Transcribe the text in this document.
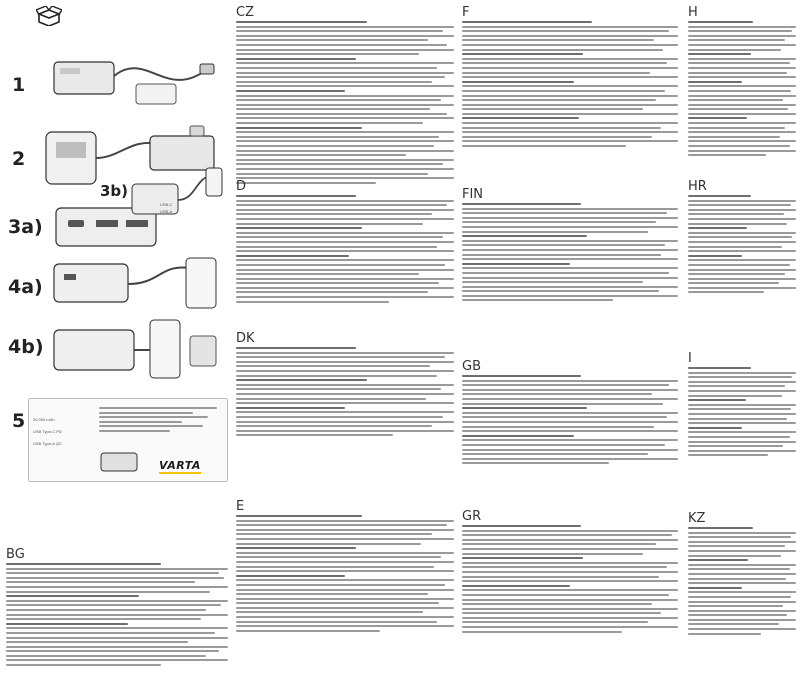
1
2
3a)
3b)
USB-C
USB-A
4a)
4b)
5 20 000 mAh
USB Type-C PD
USB Type-A QC
VARTA
BG
CZ
D
DK
E
F
FIN
GB
GR
H
HR
I
KZ
